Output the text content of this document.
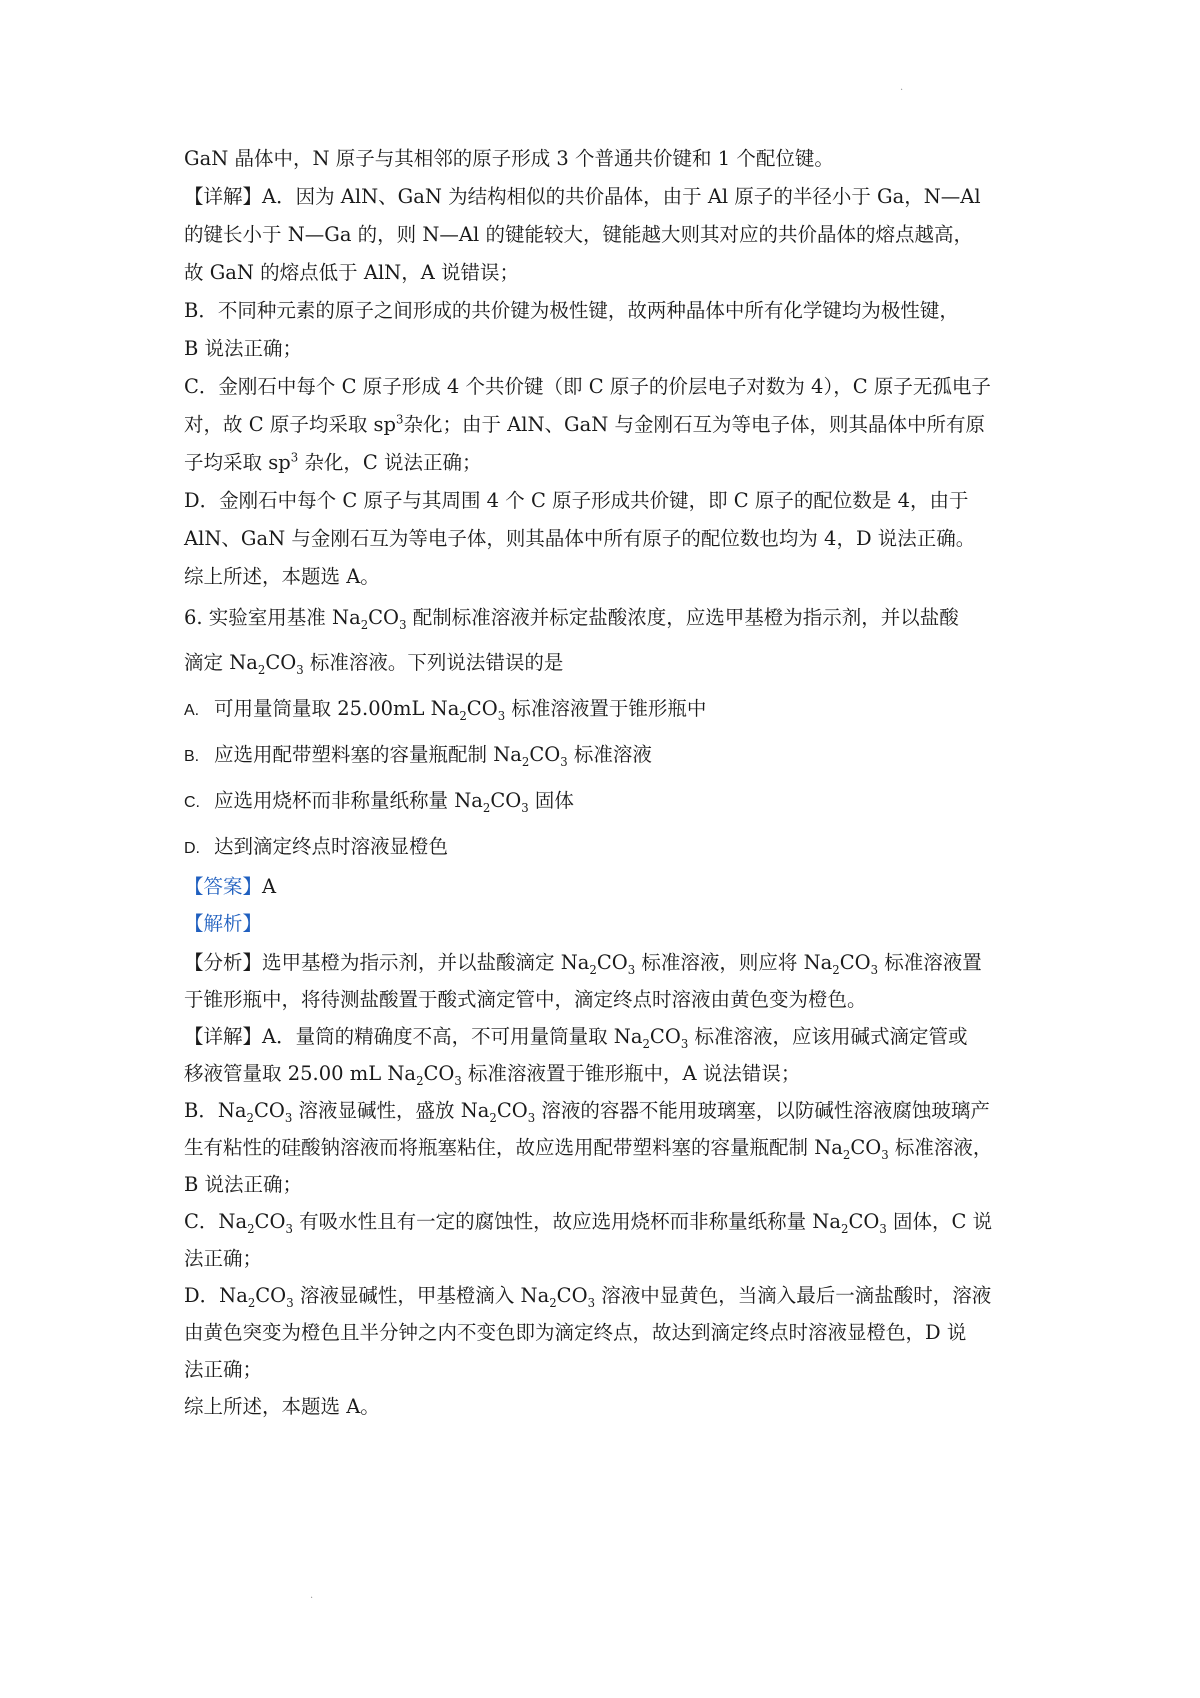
.
GaN 晶体中，N 原子与其相邻的原子形成 3 个普通共价键和 1 个配位键。
【详解】A．因为 AlN、GaN 为结构相似的共价晶体，由于 Al 原子的半径小于 Ga，N—Al
的键长小于 N—Ga 的，则 N—Al 的键能较大，键能越大则其对应的共价晶体的熔点越高，
故 GaN 的熔点低于 AlN，A 说错误；
B．不同种元素的原子之间形成的共价键为极性键，故两种晶体中所有化学键均为极性键，
B 说法正确；
C．金刚石中每个 C 原子形成 4 个共价键（即 C 原子的价层电子对数为 4），C 原子无孤电子
对，故 C 原子均采取 $sp^3$杂化；由于 AlN、GaN 与金刚石互为等电子体，则其晶体中所有原
子均采取 $sp^3$ 杂化，C 说法正确；
D．金刚石中每个 C 原子与其周围 4 个 C 原子形成共价键，即 C 原子的配位数是 4，由于
AlN、GaN 与金刚石互为等电子体，则其晶体中所有原子的配位数也均为 4，D 说法正确。
综上所述，本题选 A。
6. 实验室用基准 $Na_2CO_3$ 配制标准溶液并标定盐酸浓度，应选甲基橙为指示剂，并以盐酸
滴定 $Na_2CO_3$ 标准溶液。下列说法错误的是
A. 可用量筒量取 25.00mL $Na_2CO_3$ 标准溶液置于锥形瓶中
B. 应选用配带塑料塞的容量瓶配制 $Na_2CO_3$ 标准溶液
C. 应选用烧杯而非称量纸称量 $Na_2CO_3$ 固体
D. 达到滴定终点时溶液显橙色
【答案】A
【解析】
【分析】选甲基橙为指示剂，并以盐酸滴定 $Na_2CO_3$ 标准溶液，则应将 $Na_2CO_3$ 标准溶液置
于锥形瓶中，将待测盐酸置于酸式滴定管中，滴定终点时溶液由黄色变为橙色。
【详解】A．量筒的精确度不高，不可用量筒量取 $Na_2CO_3$ 标准溶液，应该用碱式滴定管或
移液管量取 25.00 mL $Na_2CO_3$ 标准溶液置于锥形瓶中，A 说法错误；
B．$Na_2CO_3$ 溶液显碱性，盛放 $Na_2CO_3$ 溶液的容器不能用玻璃塞，以防碱性溶液腐蚀玻璃产
生有粘性的硅酸钠溶液而将瓶塞粘住，故应选用配带塑料塞的容量瓶配制 $Na_2CO_3$ 标准溶液，
B 说法正确；
C．$Na_2CO_3$ 有吸水性且有一定的腐蚀性，故应选用烧杯而非称量纸称量 $Na_2CO_3$ 固体，C 说
法正确；
D．$Na_2CO_3$ 溶液显碱性，甲基橙滴入 $Na_2CO_3$ 溶液中显黄色，当滴入最后一滴盐酸时，溶液
由黄色突变为橙色且半分钟之内不变色即为滴定终点，故达到滴定终点时溶液显橙色，D 说
法正确；
综上所述，本题选 A。
.
